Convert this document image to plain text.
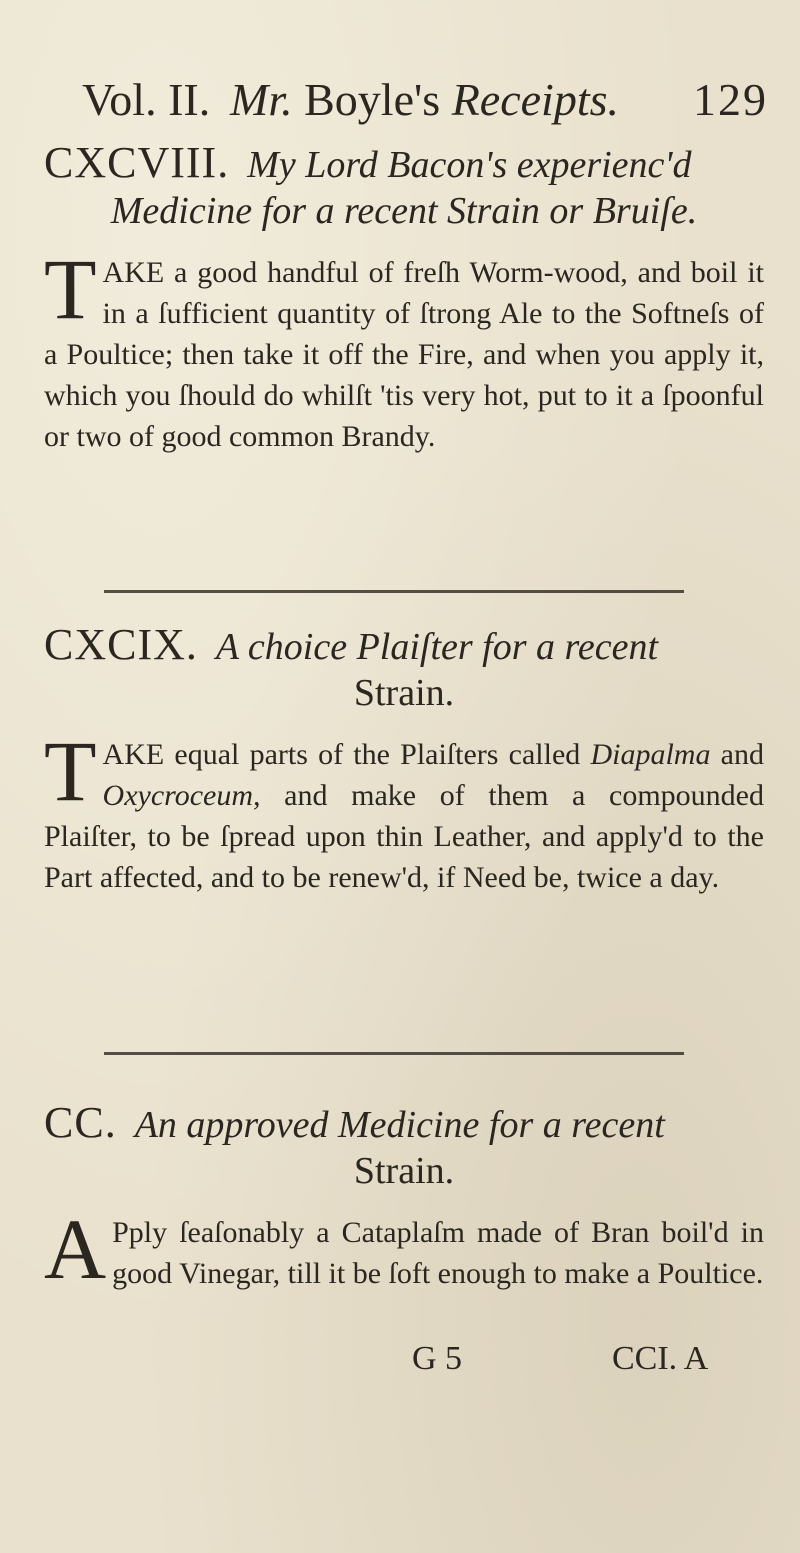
Vol. II. Mr. Boyle's Receipts. 129
CXCVIII. My Lord Bacon's experienc'd
Medicine for a recent Strain or Bruiſe.
TAKE a good handful of freſh Worm-wood, and boil it in a ſufficient quantity of ſtrong Ale to the Softneſs of a Poultice; then take it off the Fire, and when you apply it, which you ſhould do whilſt 'tis very hot, put to it a ſpoonful or two of good common Brandy.
CXCIX. A choice Plaiſter for a recent
Strain.
TAKE equal parts of the Plaiſters called Diapalma and Oxycroceum, and make of them a compounded Plaiſter, to be ſpread upon thin Leather, and apply'd to the Part affected, and to be renew'd, if Need be, twice a day.
CC. An approved Medicine for a recent
Strain.
A Pply ſeaſonably a Cataplaſm made of Bran boil'd in good Vinegar, till it be ſoft enough to make a Poultice.
G 5	CCI. A
